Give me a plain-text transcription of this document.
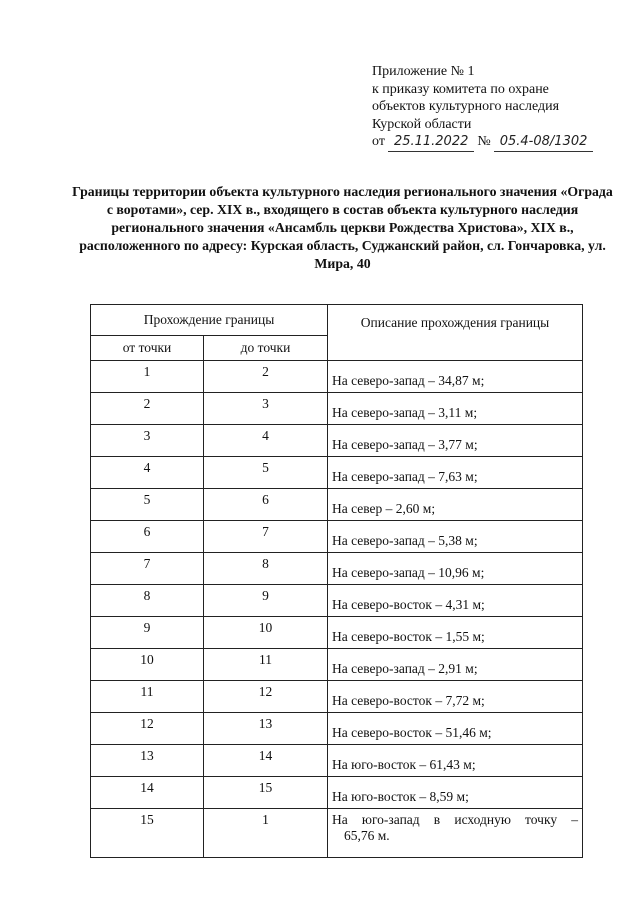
Приложение № 1
к приказу комитета по охране
объектов культурного наследия
Курской области
от 25.11.2022 № 05.4-08/1302
Границы территории объекта культурного наследия регионального значения «Ограда с воротами», сер. XIX в., входящего в состав объекта культурного наследия регионального значения «Ансамбль церкви Рождества Христова», XIX в., расположенного по адресу: Курская область, Суджанский район, сл. Гончаровка, ул. Мира, 40
Прохождение границы		Описание прохождения границы
от точки	до точки	
1	2	На северо-запад – 34,87 м;
2	3	На северо-запад – 3,11 м;
3	4	На северо-запад – 3,77 м;
4	5	На северо-запад – 7,63 м;
5	6	На север – 2,60 м;
6	7	На северо-запад – 5,38 м;
7	8	На северо-запад – 10,96 м;
8	9	На северо-восток – 4,31 м;
9	10	На северо-восток – 1,55 м;
10	11	На северо-запад – 2,91 м;
11	12	На северо-восток – 7,72 м;
12	13	На северо-восток – 51,46 м;
13	14	На юго-восток – 61,43 м;
14	15	На юго-восток – 8,59 м;
15	1	На юго-запад в исходную точку –
65,76 м.
